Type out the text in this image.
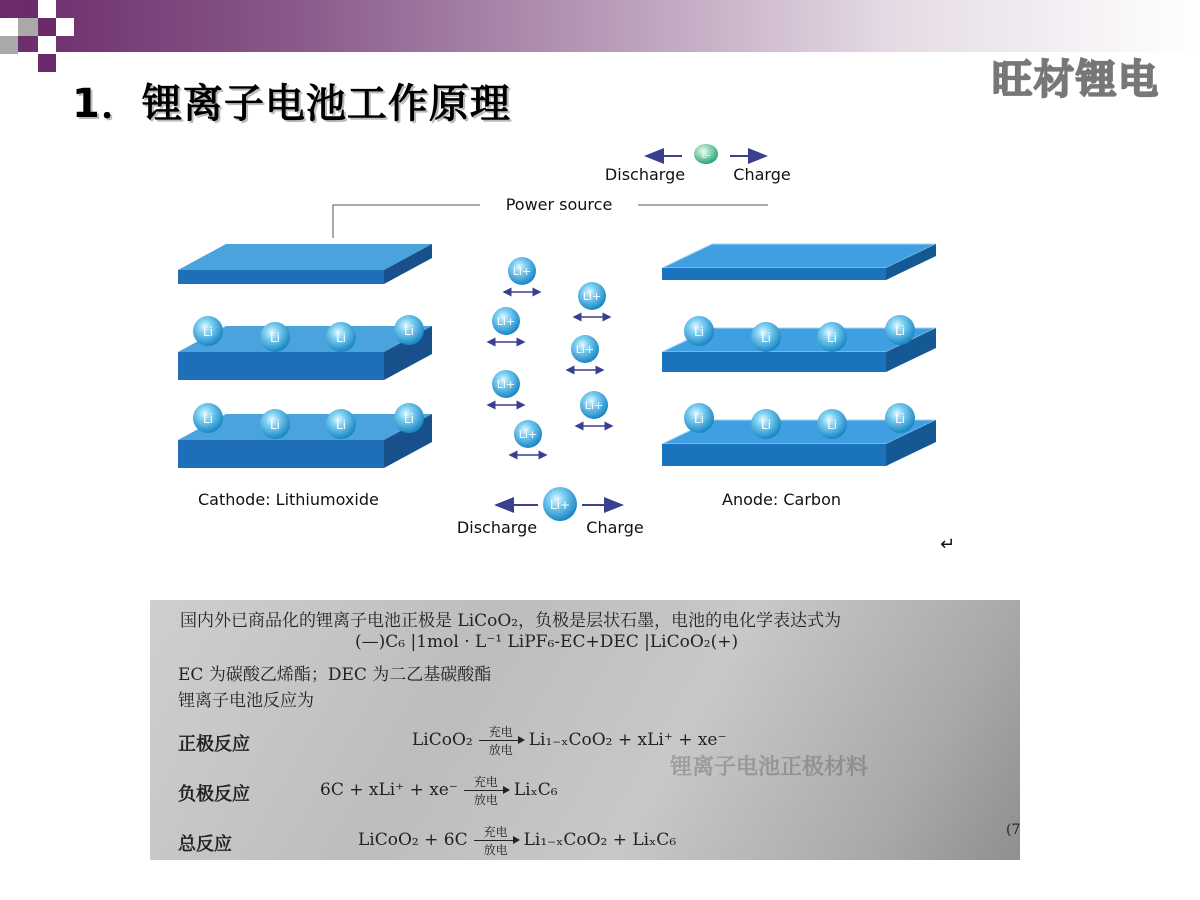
1．锂离子电池工作原理
旺材锂电
e-
Discharge	Charge
Power source
Li	Li	Li	Li
Li	Li	Li	Li
Li	Li	Li	Li
Li	Li	Li	Li
Li+
Li+
Li+
Li+
Li+
Li+
Li+
Cathode: Lithiumoxide	Anode: Carbon
Li+
Discharge	Charge
↵
锂离子电池正极材料
国内外已商品化的锂离子电池正极是 LiCoO₂，负极是层状石墨，电池的电化学表达式为
(—)C₆ |1mol · L⁻¹ LiPF₆-EC+DEC |LiCoO₂(+)
EC 为碳酸乙烯酯；DEC 为二乙基碳酸酯
锂离子电池反应为
正极反应	LiCoO₂ $\frac{\text{充电}}{\text{放电}} Li_{1-x}CoO_2 + xLi^+ + xe^-$
负极反应	$6C + xLi^+ + xe^- \frac{\text{充电}}{\text{放电}} Li_xC_6$
总反应	LiCoO₂ + $6C \frac{\text{充电}}{\text{放电}} Li_{1-x}CoO_2 + Li_xC_6$	(7
